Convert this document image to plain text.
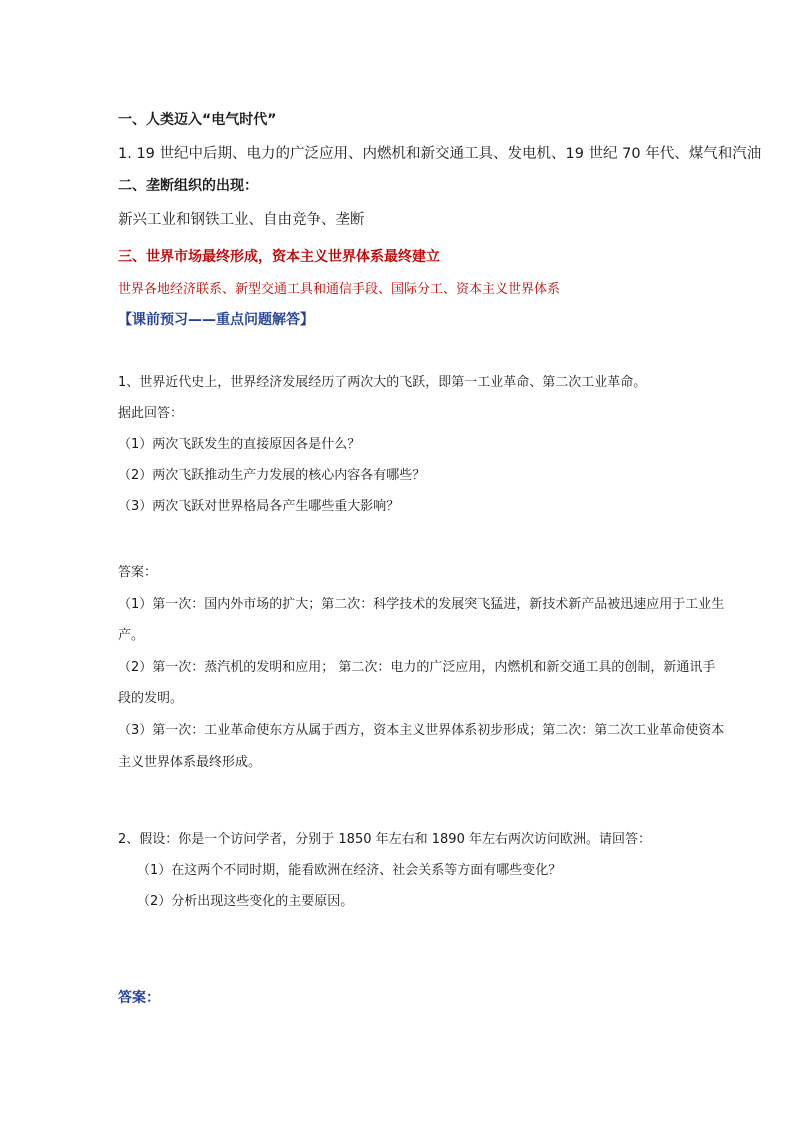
一、人类迈入“电气时代”
1. 19 世纪中后期、电力的广泛应用、内燃机和新交通工具、发电机、19 世纪 70 年代、煤气和汽油
二、垄断组织的出现：
新兴工业和钢铁工业、自由竞争、垄断
三、世界市场最终形成，资本主义世界体系最终建立
世界各地经济联系、新型交通工具和通信手段、国际分工、资本主义世界体系
【课前预习——重点问题解答】
1、世界近代史上，世界经济发展经历了两次大的飞跃，即第一工业革命、第二次工业革命。
据此回答：
（1）两次飞跃发生的直接原因各是什么？
（2）两次飞跃推动生产力发展的核心内容各有哪些？
（3）两次飞跃对世界格局各产生哪些重大影响？
答案：
（1）第一次：国内外市场的扩大；第二次：科学技术的发展突飞猛进，新技术新产品被迅速应用于工业生
产。
（2）第一次：蒸汽机的发明和应用； 第二次：电力的广泛应用，内燃机和新交通工具的创制，新通讯手
段的发明。
（3）第一次：工业革命使东方从属于西方，资本主义世界体系初步形成；第二次：第二次工业革命使资本
主义世界体系最终形成。
2、假设：你是一个访问学者，分别于 1850 年左右和 1890 年左右两次访问欧洲。请回答：
（1）在这两个不同时期，能看欧洲在经济、社会关系等方面有哪些变化？
（2）分析出现这些变化的主要原因。
答案：
